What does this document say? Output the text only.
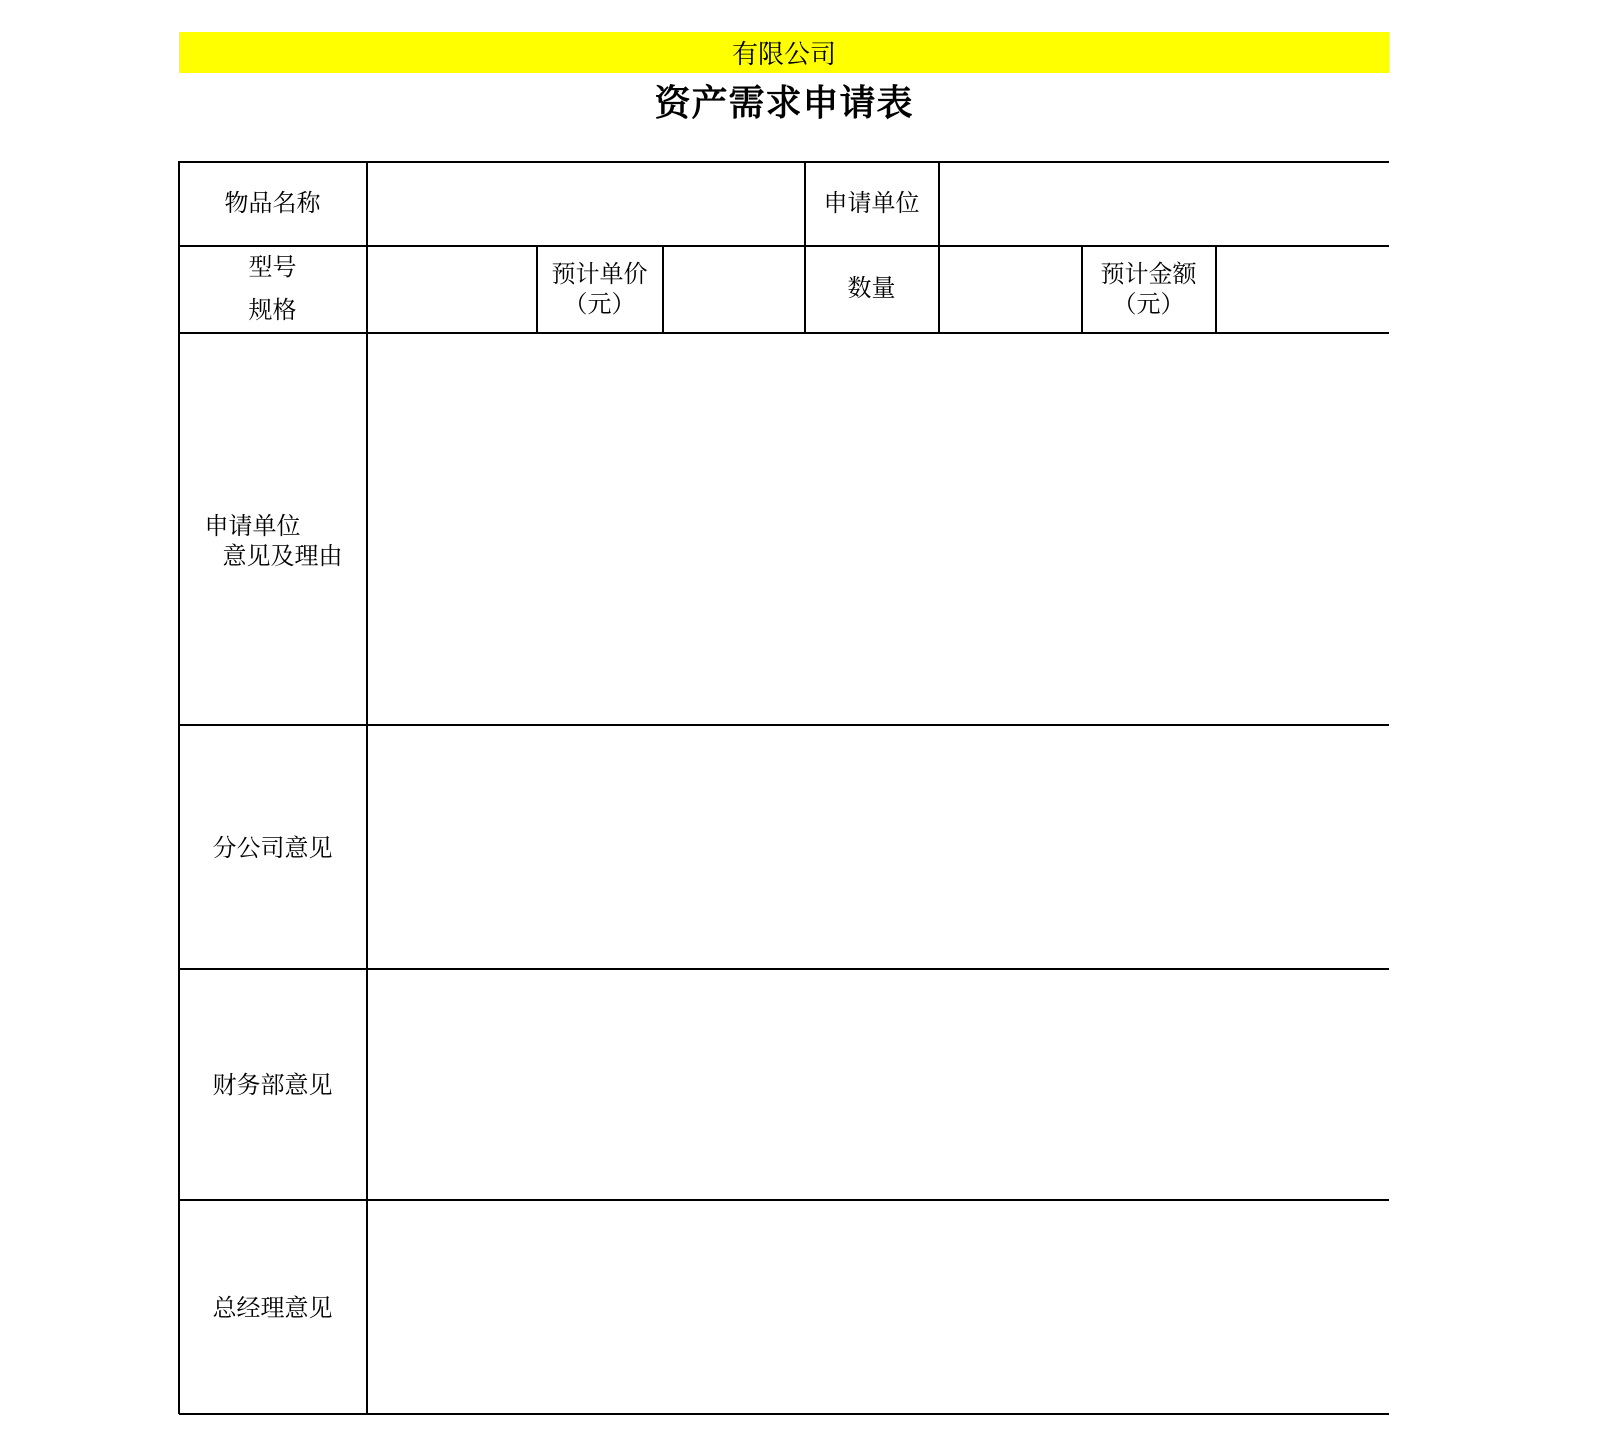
有限公司
资产需求申请表
物品名称	申请单位
型号
规格
预计单价
（元）
数量
预计金额
（元）
申请单位
意见及理由
分公司意见
财务部意见
总经理意见
